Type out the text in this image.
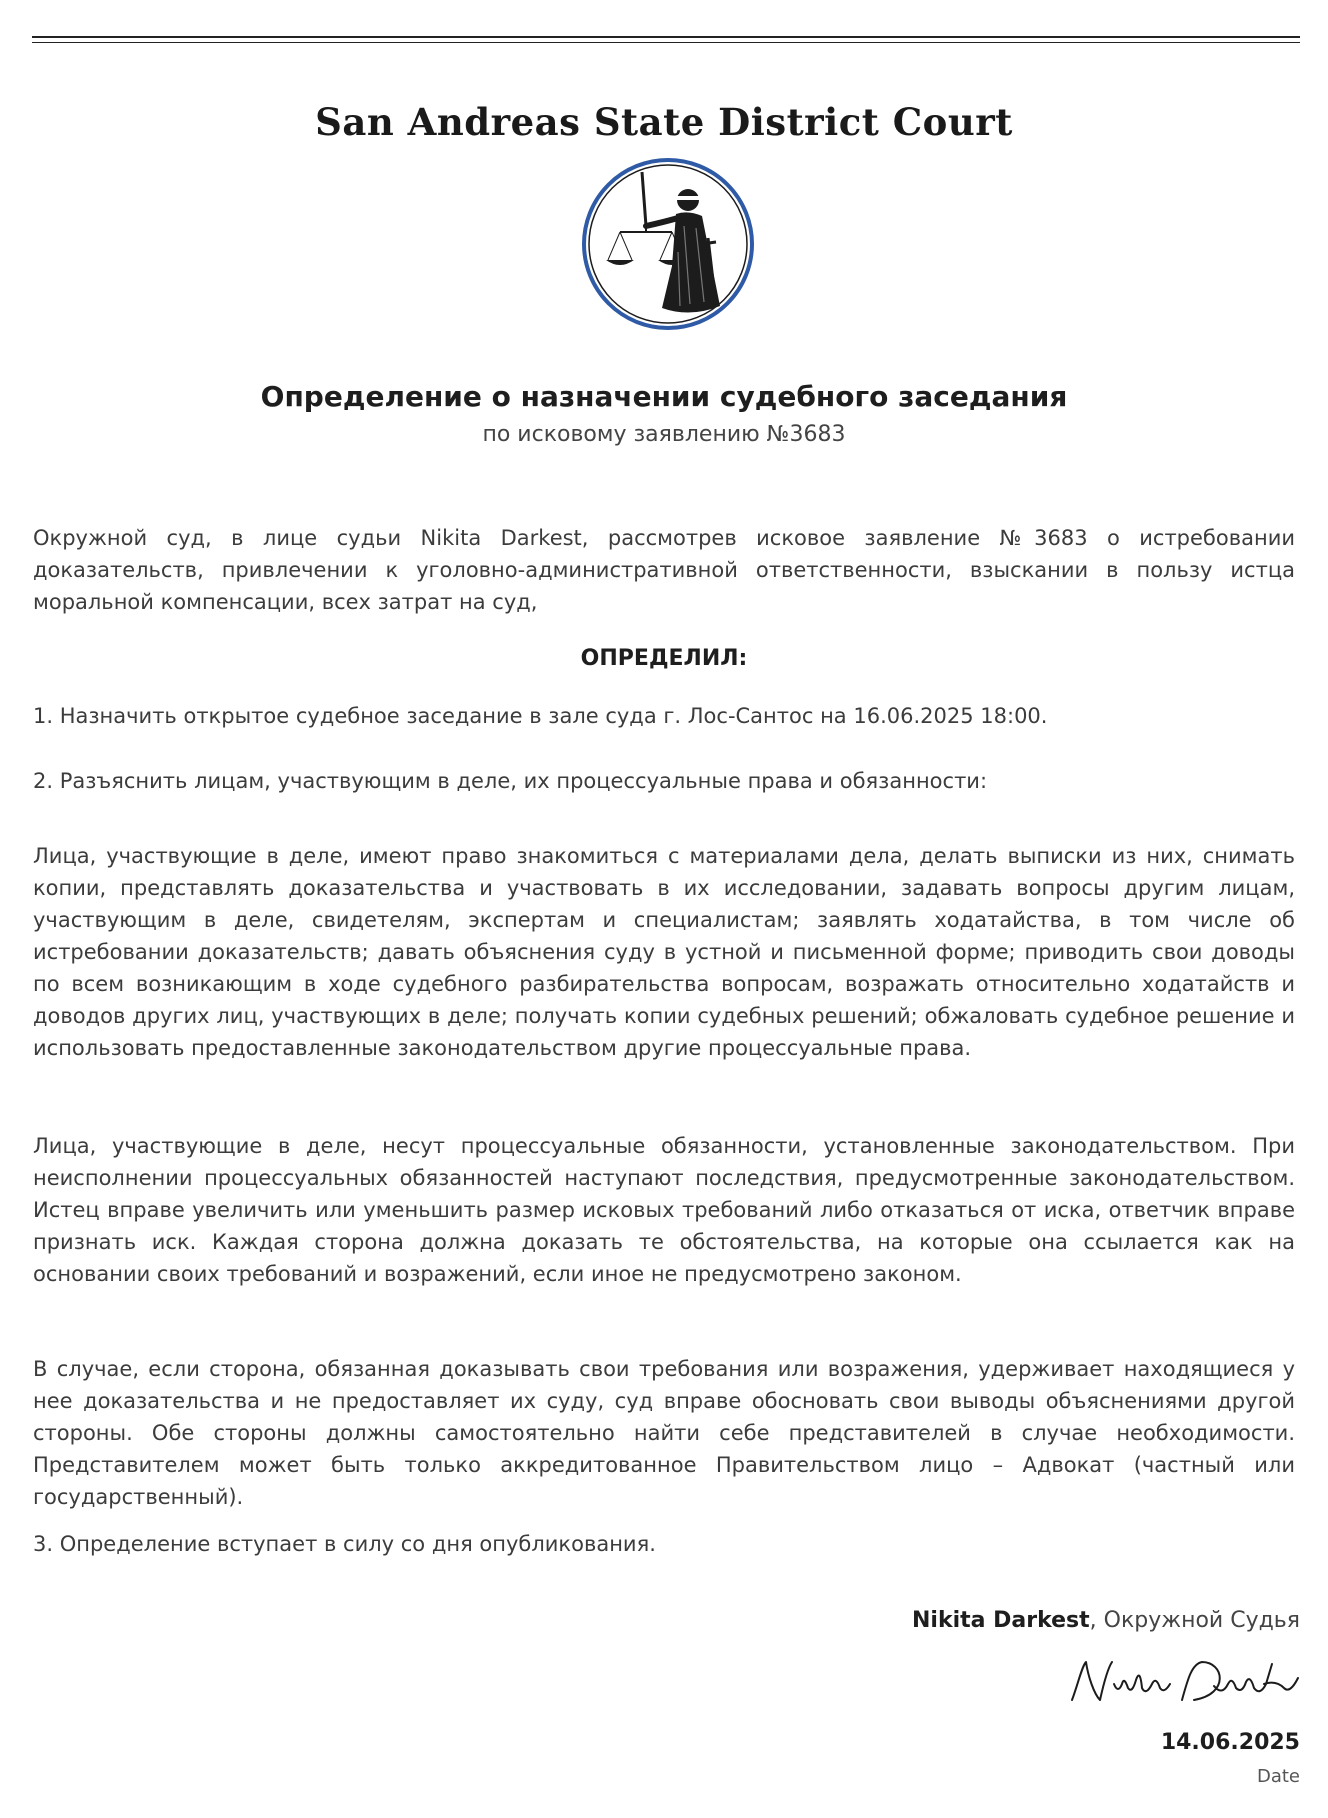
San Andreas State District Court
Определение о назначении судебного заседания
по исковому заявлению №3683

Окружной суд, в лице судьи Nikita Darkest, рассмотрев исковое заявление №3683 о истребовании доказательств, привлечении к уголовно-административной ответственности, взыскании в пользу истца моральной компенсации, всех затрат на суд,

ОПРЕДЕЛИЛ:

1. Назначить открытое судебное заседание в зале суда г. Лос-Сантос на 16.06.2025 18:00.

2. Разъяснить лицам, участвующим в деле, их процессуальные права и обязанности:

Лица, участвующие в деле, имеют право знакомиться с материалами дела, делать выписки из них, снимать копии, представлять доказательства и участвовать в их исследовании, задавать вопросы другим лицам, участвующим в деле, свидетелям, экспертам и специалистам; заявлять ходатайства, в том числе об истребовании доказательств; давать объяснения суду в устной и письменной форме; приводить свои доводы по всем возникающим в ходе судебного разбирательства вопросам, возражать относительно ходатайств и доводов других лиц, участвующих в деле; получать копии судебных решений; обжаловать судебное решение и использовать предоставленные законодательством другие процессуальные права.

Лица, участвующие в деле, несут процессуальные обязанности, установленные законодательством. При неисполнении процессуальных обязанностей наступают последствия, предусмотренные законодательством. Истец вправе увеличить или уменьшить размер исковых требований либо отказаться от иска, ответчик вправе признать иск. Каждая сторона должна доказать те обстоятельства, на которые она ссылается как на основании своих требований и возражений, если иное не предусмотрено законом.

В случае, если сторона, обязанная доказывать свои требования или возражения, удерживает находящиеся у нее доказательства и не предоставляет их суду, суд вправе обосновать свои выводы объяснениями другой стороны. Обе стороны должны самостоятельно найти себе представителей в случае необходимости. Представителем может быть только аккредитованное Правительством лицо – Адвокат (частный или государственный).

3. Определение вступает в силу со дня опубликования.

Nikita Darkest, Окружной Судья
14.06.2025
Date
